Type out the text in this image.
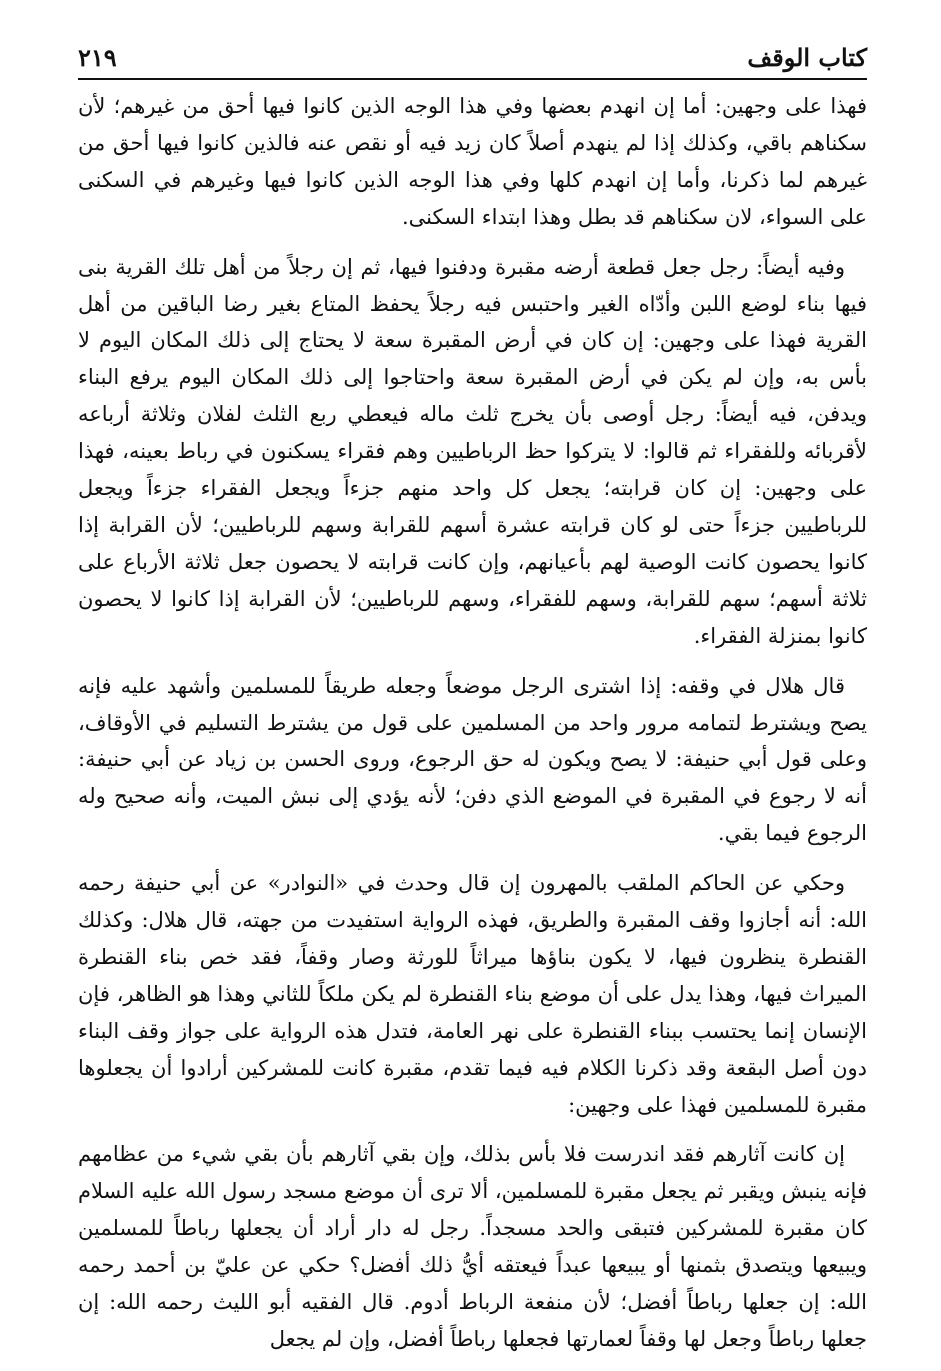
٢١٩	كتاب الوقف

فهذا على وجهين: أما إن انهدم بعضها وفي هذا الوجه الذين كانوا فيها أحق من غيرهم؛ لأن سكناهم باقي، وكذلك إذا لم ينهدم أصلاً كان زيد فيه أو نقص عنه فالذين كانوا فيها أحق من غيرهم لما ذكرنا، وأما إن انهدم كلها وفي هذا الوجه الذين كانوا فيها وغيرهم في السكنى على السواء، لان سكناهم قد بطل وهذا ابتداء السكنى.

وفيه أيضاً: رجل جعل قطعة أرضه مقبرة ودفنوا فيها، ثم إن رجلاً من أهل تلك القرية بنى فيها بناء لوضع اللبن وأدّاه الغير واحتبس فيه رجلاً يحفظ المتاع بغير رضا الباقين من أهل القرية فهذا على وجهين: إن كان في أرض المقبرة سعة لا يحتاج إلى ذلك المكان اليوم لا بأس به، وإن لم يكن في أرض المقبرة سعة واحتاجوا إلى ذلك المكان اليوم يرفع البناء ويدفن، فيه أيضاً: رجل أوصى بأن يخرج ثلث ماله فيعطي ربع الثلث لفلان وثلاثة أرباعه لأقربائه وللفقراء ثم قالوا: لا يتركوا حظ الرباطيين وهم فقراء يسكنون في رباط بعينه، فهذا على وجهين: إن كان قرابته؛ يجعل كل واحد منهم جزءاً ويجعل الفقراء جزءاً ويجعل للرباطيين جزءاً حتى لو كان قرابته عشرة أسهم للقرابة وسهم للرباطيين؛ لأن القرابة إذا كانوا يحصون كانت الوصية لهم بأعيانهم، وإن كانت قرابته لا يحصون جعل ثلاثة الأرباع على ثلاثة أسهم؛ سهم للقرابة، وسهم للفقراء، وسهم للرباطيين؛ لأن القرابة إذا كانوا لا يحصون كانوا بمنزلة الفقراء.

قال هلال في وقفه: إذا اشترى الرجل موضعاً وجعله طريقاً للمسلمين وأشهد عليه فإنه يصح ويشترط لتمامه مرور واحد من المسلمين على قول من يشترط التسليم في الأوقاف، وعلى قول أبي حنيفة: لا يصح ويكون له حق الرجوع، وروى الحسن بن زياد عن أبي حنيفة: أنه لا رجوع في المقبرة في الموضع الذي دفن؛ لأنه يؤدي إلى نبش الميت، وأنه صحيح وله الرجوع فيما بقي.

وحكي عن الحاكم الملقب بالمهرون إن قال وحدث في «النوادر» عن أبي حنيفة رحمه الله: أنه أجازوا وقف المقبرة والطريق، فهذه الرواية استفيدت من جهته، قال هلال: وكذلك القنطرة ينظرون فيها، لا يكون بناؤها ميراثاً للورثة وصار وقفاً، فقد خص بناء القنطرة الميراث فيها، وهذا يدل على أن موضع بناء القنطرة لم يكن ملكاً للثاني وهذا هو الظاهر، فإن الإنسان إنما يحتسب ببناء القنطرة على نهر العامة، فتدل هذه الرواية على جواز وقف البناء دون أصل البقعة وقد ذكرنا الكلام فيه فيما تقدم، مقبرة كانت للمشركين أرادوا أن يجعلوها مقبرة للمسلمين فهذا على وجهين:

إن كانت آثارهم فقد اندرست فلا بأس بذلك، وإن بقي آثارهم بأن بقي شيء من عظامهم فإنه ينبش ويقبر ثم يجعل مقبرة للمسلمين، ألا ترى أن موضع مسجد رسول الله عليه السلام كان مقبرة للمشركين فتبقى والحد مسجداً. رجل له دار أراد أن يجعلها رباطاً للمسلمين ويبيعها ويتصدق بثمنها أو يبيعها عبداً فيعتقه أيُّ ذلك أفضل؟ حكي عن عليّ بن أحمد رحمه الله: إن جعلها رباطاً أفضل؛ لأن منفعة الرباط أدوم. قال الفقيه أبو الليث رحمه الله: إن جعلها رباطاً وجعل لها وقفاً لعمارتها فجعلها رباطاً أفضل، وإن لم يجعل
